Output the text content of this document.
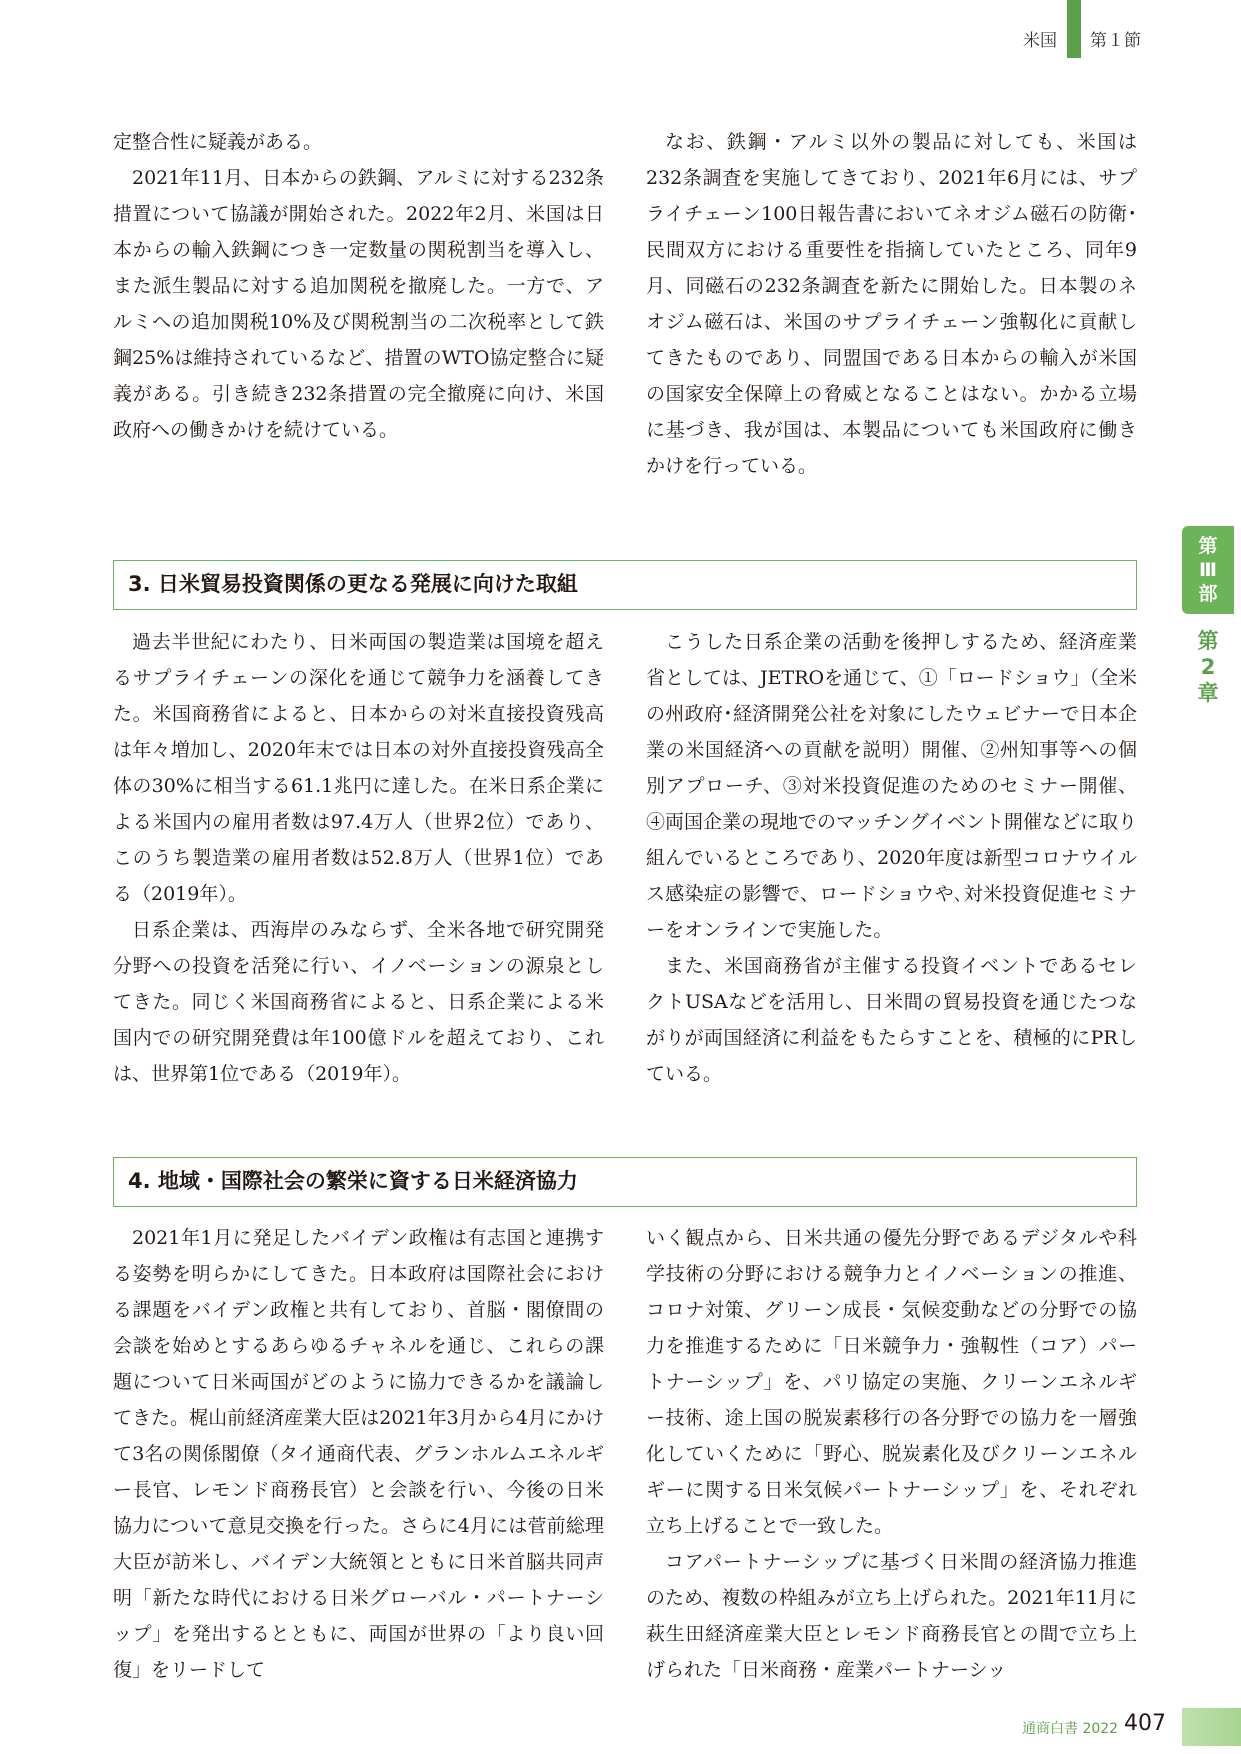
米国 第１節
第
Ⅲ
部
第
2
章

定整合性に疑義がある。

2021年11月、日本からの鉄鋼、アルミに対する232条措置について協議が開始された。2022年2月、米国は日本からの輸入鉄鋼につき一定数量の関税割当を導入し、また派生製品に対する追加関税を撤廃した。一方で、アルミへの追加関税10%及び関税割当の二次税率として鉄鋼25%は維持されているなど、措置のWTO協定整合に疑義がある。引き続き232条措置の完全撤廃に向け、米国政府への働きかけを続けている。

なお、鉄鋼・アルミ以外の製品に対しても、米国は232条調査を実施してきており、2021年6月には、サプライチェーン100日報告書においてネオジム磁石の防衛･民間双方における重要性を指摘していたところ、同年9月、同磁石の232条調査を新たに開始した。日本製のネオジム磁石は、米国のサプライチェーン強靱化に貢献してきたものであり、同盟国である日本からの輸入が米国の国家安全保障上の脅威となることはない。かかる立場に基づき、我が国は、本製品についても米国政府に働きかけを行っている。

3. 日米貿易投資関係の更なる発展に向けた取組

過去半世紀にわたり、日米両国の製造業は国境を超えるサプライチェーンの深化を通じて競争力を涵養してきた。米国商務省によると、日本からの対米直接投資残高は年々増加し、2020年末では日本の対外直接投資残高全体の30%に相当する61.1兆円に達した。在米日系企業による米国内の雇用者数は97.4万人（世界2位）であり、このうち製造業の雇用者数は52.8万人（世界1位）である（2019年）。

日系企業は、西海岸のみならず、全米各地で研究開発分野への投資を活発に行い、イノベーションの源泉としてきた。同じく米国商務省によると、日系企業による米国内での研究開発費は年100億ドルを超えており、これは、世界第1位である（2019年）。

こうした日系企業の活動を後押しするため、経済産業省としては、JETROを通じて、①「ロードショウ」（全米の州政府･経済開発公社を対象にしたウェビナーで日本企業の米国経済への貢献を説明）開催、②州知事等への個別アプローチ、③対米投資促進のためのセミナー開催、④両国企業の現地でのマッチングイベント開催などに取り組んでいるところであり、2020年度は新型コロナウイルス感染症の影響で、ロードショウや､対米投資促進セミナーをオンラインで実施した。

また、米国商務省が主催する投資イベントであるセレクトUSAなどを活用し、日米間の貿易投資を通じたつながりが両国経済に利益をもたらすことを、積極的にPRしている。

4. 地域・国際社会の繁栄に資する日米経済協力

2021年1月に発足したバイデン政権は有志国と連携する姿勢を明らかにしてきた。日本政府は国際社会における課題をバイデン政権と共有しており、首脳・閣僚間の会談を始めとするあらゆるチャネルを通じ、これらの課題について日米両国がどのように協力できるかを議論してきた。梶山前経済産業大臣は2021年3月から4月にかけて3名の関係閣僚（タイ通商代表、グランホルムエネルギー長官、レモンド商務長官）と会談を行い、今後の日米協力について意見交換を行った。さらに4月には菅前総理大臣が訪米し、バイデン大統領とともに日米首脳共同声明「新たな時代における日米グローバル・パートナーシップ」を発出するとともに、両国が世界の「より良い回復」をリードして

いく観点から、日米共通の優先分野であるデジタルや科学技術の分野における競争力とイノベーションの推進、コロナ対策、グリーン成長・気候変動などの分野での協力を推進するために「日米競争力・強靱性（コア）パートナーシップ」を、パリ協定の実施、クリーンエネルギー技術、途上国の脱炭素移行の各分野での協力を一層強化していくために「野心、脱炭素化及びクリーンエネルギーに関する日米気候パートナーシップ」を、それぞれ立ち上げることで一致した。

コアパートナーシップに基づく日米間の経済協力推進のため、複数の枠組みが立ち上げられた。2021年11月に萩生田経済産業大臣とレモンド商務長官との間で立ち上げられた「日米商務・産業パートナーシッ

通商白書 2022 407
